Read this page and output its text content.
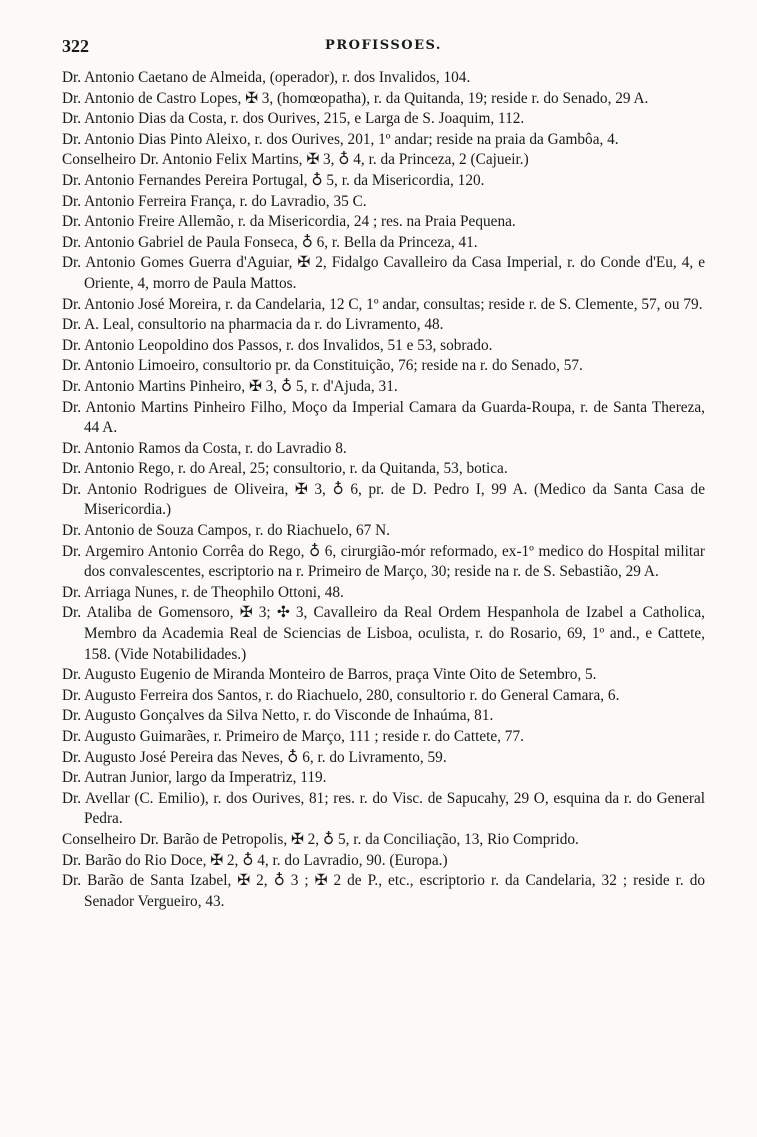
322	PROFISSOES.
Dr. Antonio Caetano de Almeida, (operador), r. dos Invalidos, 104.
Dr. Antonio de Castro Lopes, ✠ 3, (homœopatha), r. da Quitanda, 19; reside r. do Senado, 29 A.
Dr. Antonio Dias da Costa, r. dos Ourives, 215, e Larga de S. Joaquim, 112.
Dr. Antonio Dias Pinto Aleixo, r. dos Ourives, 201, 1º andar; reside na praia da Gambôa, 4.
Conselheiro Dr. Antonio Felix Martins, ✠ 3, ♁ 4, r. da Princeza, 2 (Cajueir.)
Dr. Antonio Fernandes Pereira Portugal, ♁ 5, r. da Misericordia, 120.
Dr. Antonio Ferreira França, r. do Lavradio, 35 C.
Dr. Antonio Freire Allemão, r. da Misericordia, 24 ; res. na Praia Pequena.
Dr. Antonio Gabriel de Paula Fonseca, ♁ 6, r. Bella da Princeza, 41.
Dr. Antonio Gomes Guerra d'Aguiar, ✠ 2, Fidalgo Cavalleiro da Casa Imperial, r. do Conde d'Eu, 4, e Oriente, 4, morro de Paula Mattos.
Dr. Antonio José Moreira, r. da Candelaria, 12 C, 1º andar, consultas; reside r. de S. Clemente, 57, ou 79.
Dr. A. Leal, consultorio na pharmacia da r. do Livramento, 48.
Dr. Antonio Leopoldino dos Passos, r. dos Invalidos, 51 e 53, sobrado.
Dr. Antonio Limoeiro, consultorio pr. da Constituição, 76; reside na r. do Senado, 57.
Dr. Antonio Martins Pinheiro, ✠ 3, ♁ 5, r. d'Ajuda, 31.
Dr. Antonio Martins Pinheiro Filho, Moço da Imperial Camara da Guarda-Roupa, r. de Santa Thereza, 44 A.
Dr. Antonio Ramos da Costa, r. do Lavradio 8.
Dr. Antonio Rego, r. do Areal, 25; consultorio, r. da Quitanda, 53, botica.
Dr. Antonio Rodrigues de Oliveira, ✠ 3, ♁ 6, pr. de D. Pedro I, 99 A. (Medico da Santa Casa de Misericordia.)
Dr. Antonio de Souza Campos, r. do Riachuelo, 67 N.
Dr. Argemiro Antonio Corrêa do Rego, ♁ 6, cirurgião-mór reformado, ex-1º medico do Hospital militar dos convalescentes, escriptorio na r. Primeiro de Março, 30; reside na r. de S. Sebastião, 29 A.
Dr. Arriaga Nunes, r. de Theophilo Ottoni, 48.
Dr. Ataliba de Gomensoro, ✠ 3; ✣ 3, Cavalleiro da Real Ordem Hespanhola de Izabel a Catholica, Membro da Academia Real de Sciencias de Lisboa, oculista, r. do Rosario, 69, 1º and., e Cattete, 158. (Vide Notabilidades.)
Dr. Augusto Eugenio de Miranda Monteiro de Barros, praça Vinte Oito de Setembro, 5.
Dr. Augusto Ferreira dos Santos, r. do Riachuelo, 280, consultorio r. do General Camara, 6.
Dr. Augusto Gonçalves da Silva Netto, r. do Visconde de Inhaúma, 81.
Dr. Augusto Guimarães, r. Primeiro de Março, 111 ; reside r. do Cattete, 77.
Dr. Augusto José Pereira das Neves, ♁ 6, r. do Livramento, 59.
Dr. Autran Junior, largo da Imperatriz, 119.
Dr. Avellar (C. Emilio), r. dos Ourives, 81; res. r. do Visc. de Sapucahy, 29 O, esquina da r. do General Pedra.
Conselheiro Dr. Barão de Petropolis, ✠ 2, ♁ 5, r. da Conciliação, 13, Rio Comprido.
Dr. Barão do Rio Doce, ✠ 2, ♁ 4, r. do Lavradio, 90. (Europa.)
Dr. Barão de Santa Izabel, ✠ 2, ♁ 3 ; ✠ 2 de P., etc., escriptorio r. da Candelaria, 32 ; reside r. do Senador Vergueiro, 43.
